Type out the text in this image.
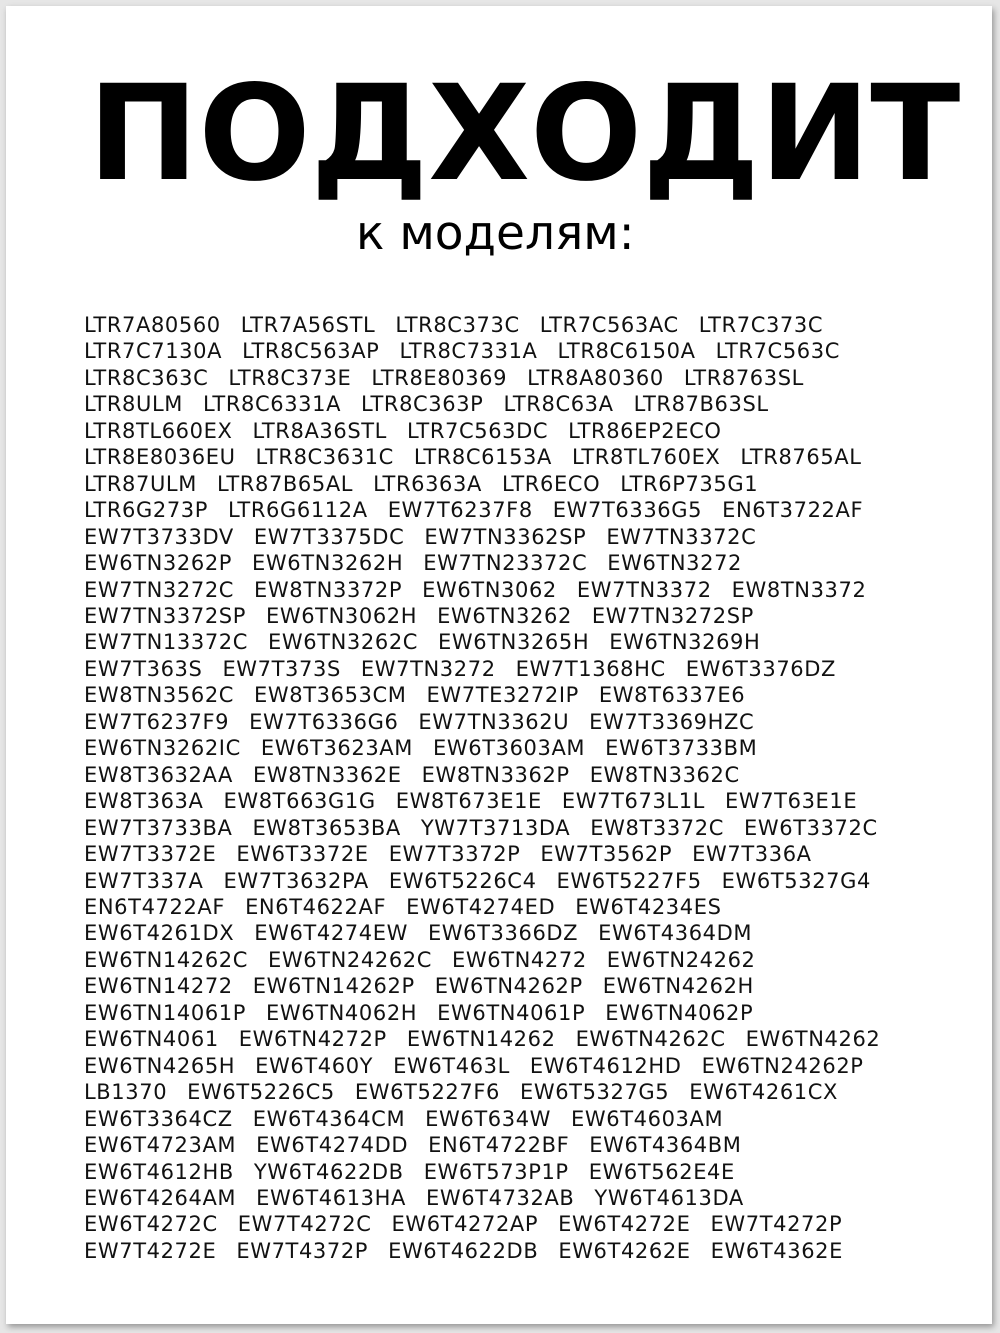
ПОДХОДИТ
к моделям:
LTR7A80560 LTR7A56STL LTR8C373C LTR7C563AC LTR7C373C
LTR7C7130A LTR8C563AP LTR8C7331A LTR8C6150A LTR7C563C
LTR8C363C LTR8C373E LTR8E80369 LTR8A80360 LTR8763SL
LTR8ULM LTR8C6331A LTR8C363P LTR8C63A LTR87B63SL
LTR8TL660EX LTR8A36STL LTR7C563DC LTR86EP2ECO
LTR8E8036EU LTR8C3631C LTR8C6153A LTR8TL760EX LTR8765AL
LTR87ULM LTR87B65AL LTR6363A LTR6ECO LTR6P735G1
LTR6G273P LTR6G6112A EW7T6237F8 EW7T6336G5 EN6T3722AF
EW7T3733DV EW7T3375DC EW7TN3362SP EW7TN3372C
EW6TN3262P EW6TN3262H EW7TN23372C EW6TN3272
EW7TN3272C EW8TN3372P EW6TN3062 EW7TN3372 EW8TN3372
EW7TN3372SP EW6TN3062H EW6TN3262 EW7TN3272SP
EW7TN13372C EW6TN3262C EW6TN3265H EW6TN3269H
EW7T363S EW7T373S EW7TN3272 EW7T1368HC EW6T3376DZ
EW8TN3562C EW8T3653CM EW7TE3272IP EW8T6337E6
EW7T6237F9 EW7T6336G6 EW7TN3362U EW7T3369HZC
EW6TN3262IC EW6T3623AM EW6T3603AM EW6T3733BM
EW8T3632AA EW8TN3362E EW8TN3362P EW8TN3362C
EW8T363A EW8T663G1G EW8T673E1E EW7T673L1L EW7T63E1E
EW7T3733BA EW8T3653BA YW7T3713DA EW8T3372C EW6T3372C
EW7T3372E EW6T3372E EW7T3372P EW7T3562P EW7T336A
EW7T337A EW7T3632PA EW6T5226C4 EW6T5227F5 EW6T5327G4
EN6T4722AF EN6T4622AF EW6T4274ED EW6T4234ES
EW6T4261DX EW6T4274EW EW6T3366DZ EW6T4364DM
EW6TN14262C EW6TN24262C EW6TN4272 EW6TN24262
EW6TN14272 EW6TN14262P EW6TN4262P EW6TN4262H
EW6TN14061P EW6TN4062H EW6TN4061P EW6TN4062P
EW6TN4061 EW6TN4272P EW6TN14262 EW6TN4262C EW6TN4262
EW6TN4265H EW6T460Y EW6T463L EW6T4612HD EW6TN24262P
LB1370 EW6T5226C5 EW6T5227F6 EW6T5327G5 EW6T4261CX
EW6T3364CZ EW6T4364CM EW6T634W EW6T4603AM
EW6T4723AM EW6T4274DD EN6T4722BF EW6T4364BM
EW6T4612HB YW6T4622DB EW6T573P1P EW6T562E4E
EW6T4264AM EW6T4613HA EW6T4732AB YW6T4613DA
EW6T4272C EW7T4272C EW6T4272AP EW6T4272E EW7T4272P
EW7T4272E EW7T4372P EW6T4622DB EW6T4262E EW6T4362E
